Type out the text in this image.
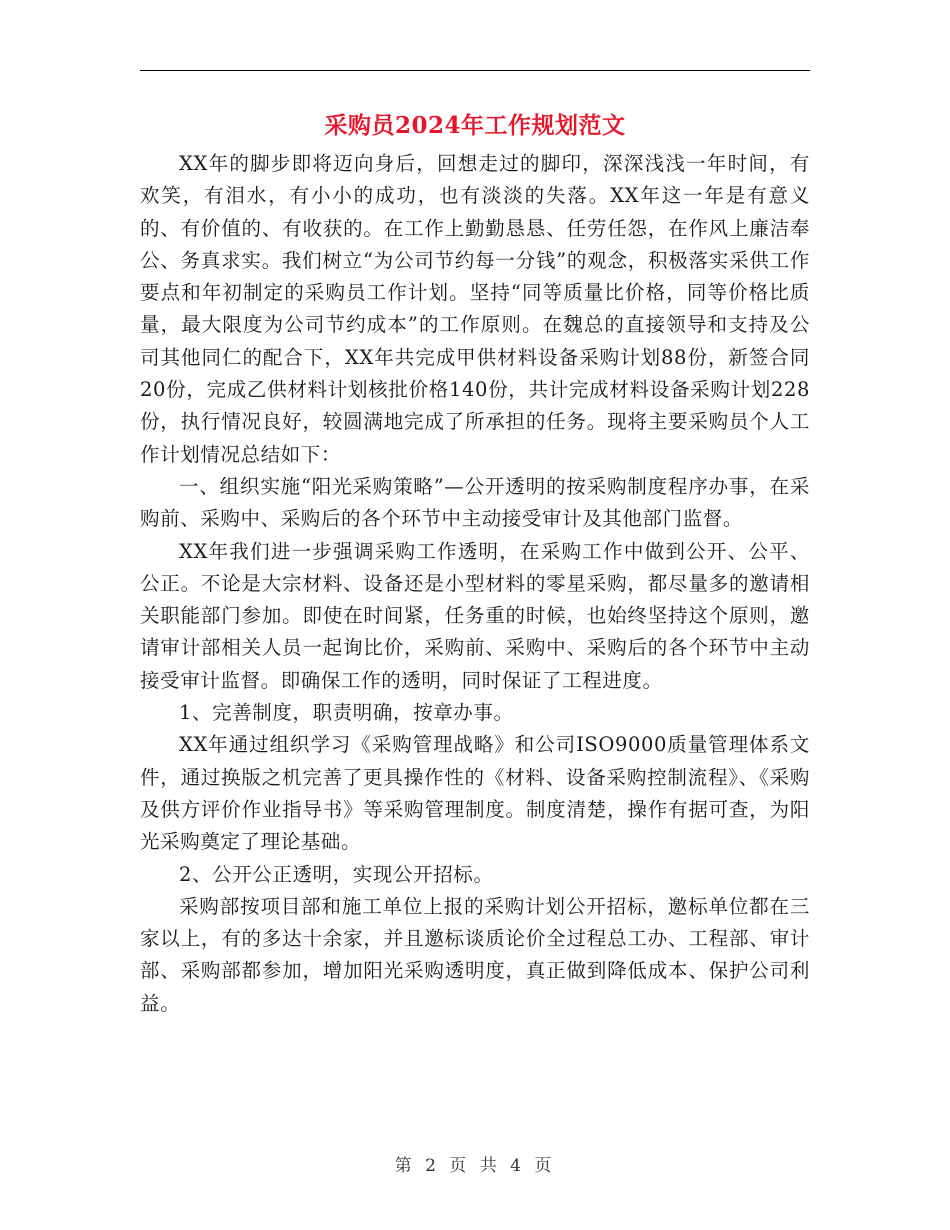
采购员2024年工作规划范文

XX年的脚步即将迈向身后，回想走过的脚印，深深浅浅一年时间，有欢笑，有泪水，有小小的成功，也有淡淡的失落。XX年这一年是有意义的、有价值的、有收获的。在工作上勤勤恳恳、任劳任怨，在作风上廉洁奉公、务真求实。我们树立“为公司节约每一分钱”的观念，积极落实采供工作要点和年初制定的采购员工作计划。坚持“同等质量比价格，同等价格比质量，最大限度为公司节约成本”的工作原则。在魏总的直接领导和支持及公司其他同仁的配合下，XX年共完成甲供材料设备采购计划88份，新签合同20份，完成乙供材料计划核批价格140份，共计完成材料设备采购计划228份，执行情况良好，较圆满地完成了所承担的任务。现将主要采购员个人工作计划情况总结如下：

一、组织实施“阳光采购策略”—公开透明的按采购制度程序办事，在采购前、采购中、采购后的各个环节中主动接受审计及其他部门监督。

XX年我们进一步强调采购工作透明，在采购工作中做到公开、公平、公正。不论是大宗材料、设备还是小型材料的零星采购，都尽量多的邀请相关职能部门参加。即使在时间紧，任务重的时候，也始终坚持这个原则，邀请审计部相关人员一起询比价，采购前、采购中、采购后的各个环节中主动接受审计监督。即确保工作的透明，同时保证了工程进度。

1、完善制度，职责明确，按章办事。

XX年通过组织学习《采购管理战略》和公司ISO9000质量管理体系文件，通过换版之机完善了更具操作性的《材料、设备采购控制流程》、《采购及供方评价作业指导书》等采购管理制度。制度清楚，操作有据可查，为阳光采购奠定了理论基础。

2、公开公正透明，实现公开招标。

采购部按项目部和施工单位上报的采购计划公开招标，邀标单位都在三家以上，有的多达十余家，并且邀标谈质论价全过程总工办、工程部、审计部、采购部都参加，增加阳光采购透明度，真正做到降低成本、保护公司利益。

第 2 页 共 4 页
